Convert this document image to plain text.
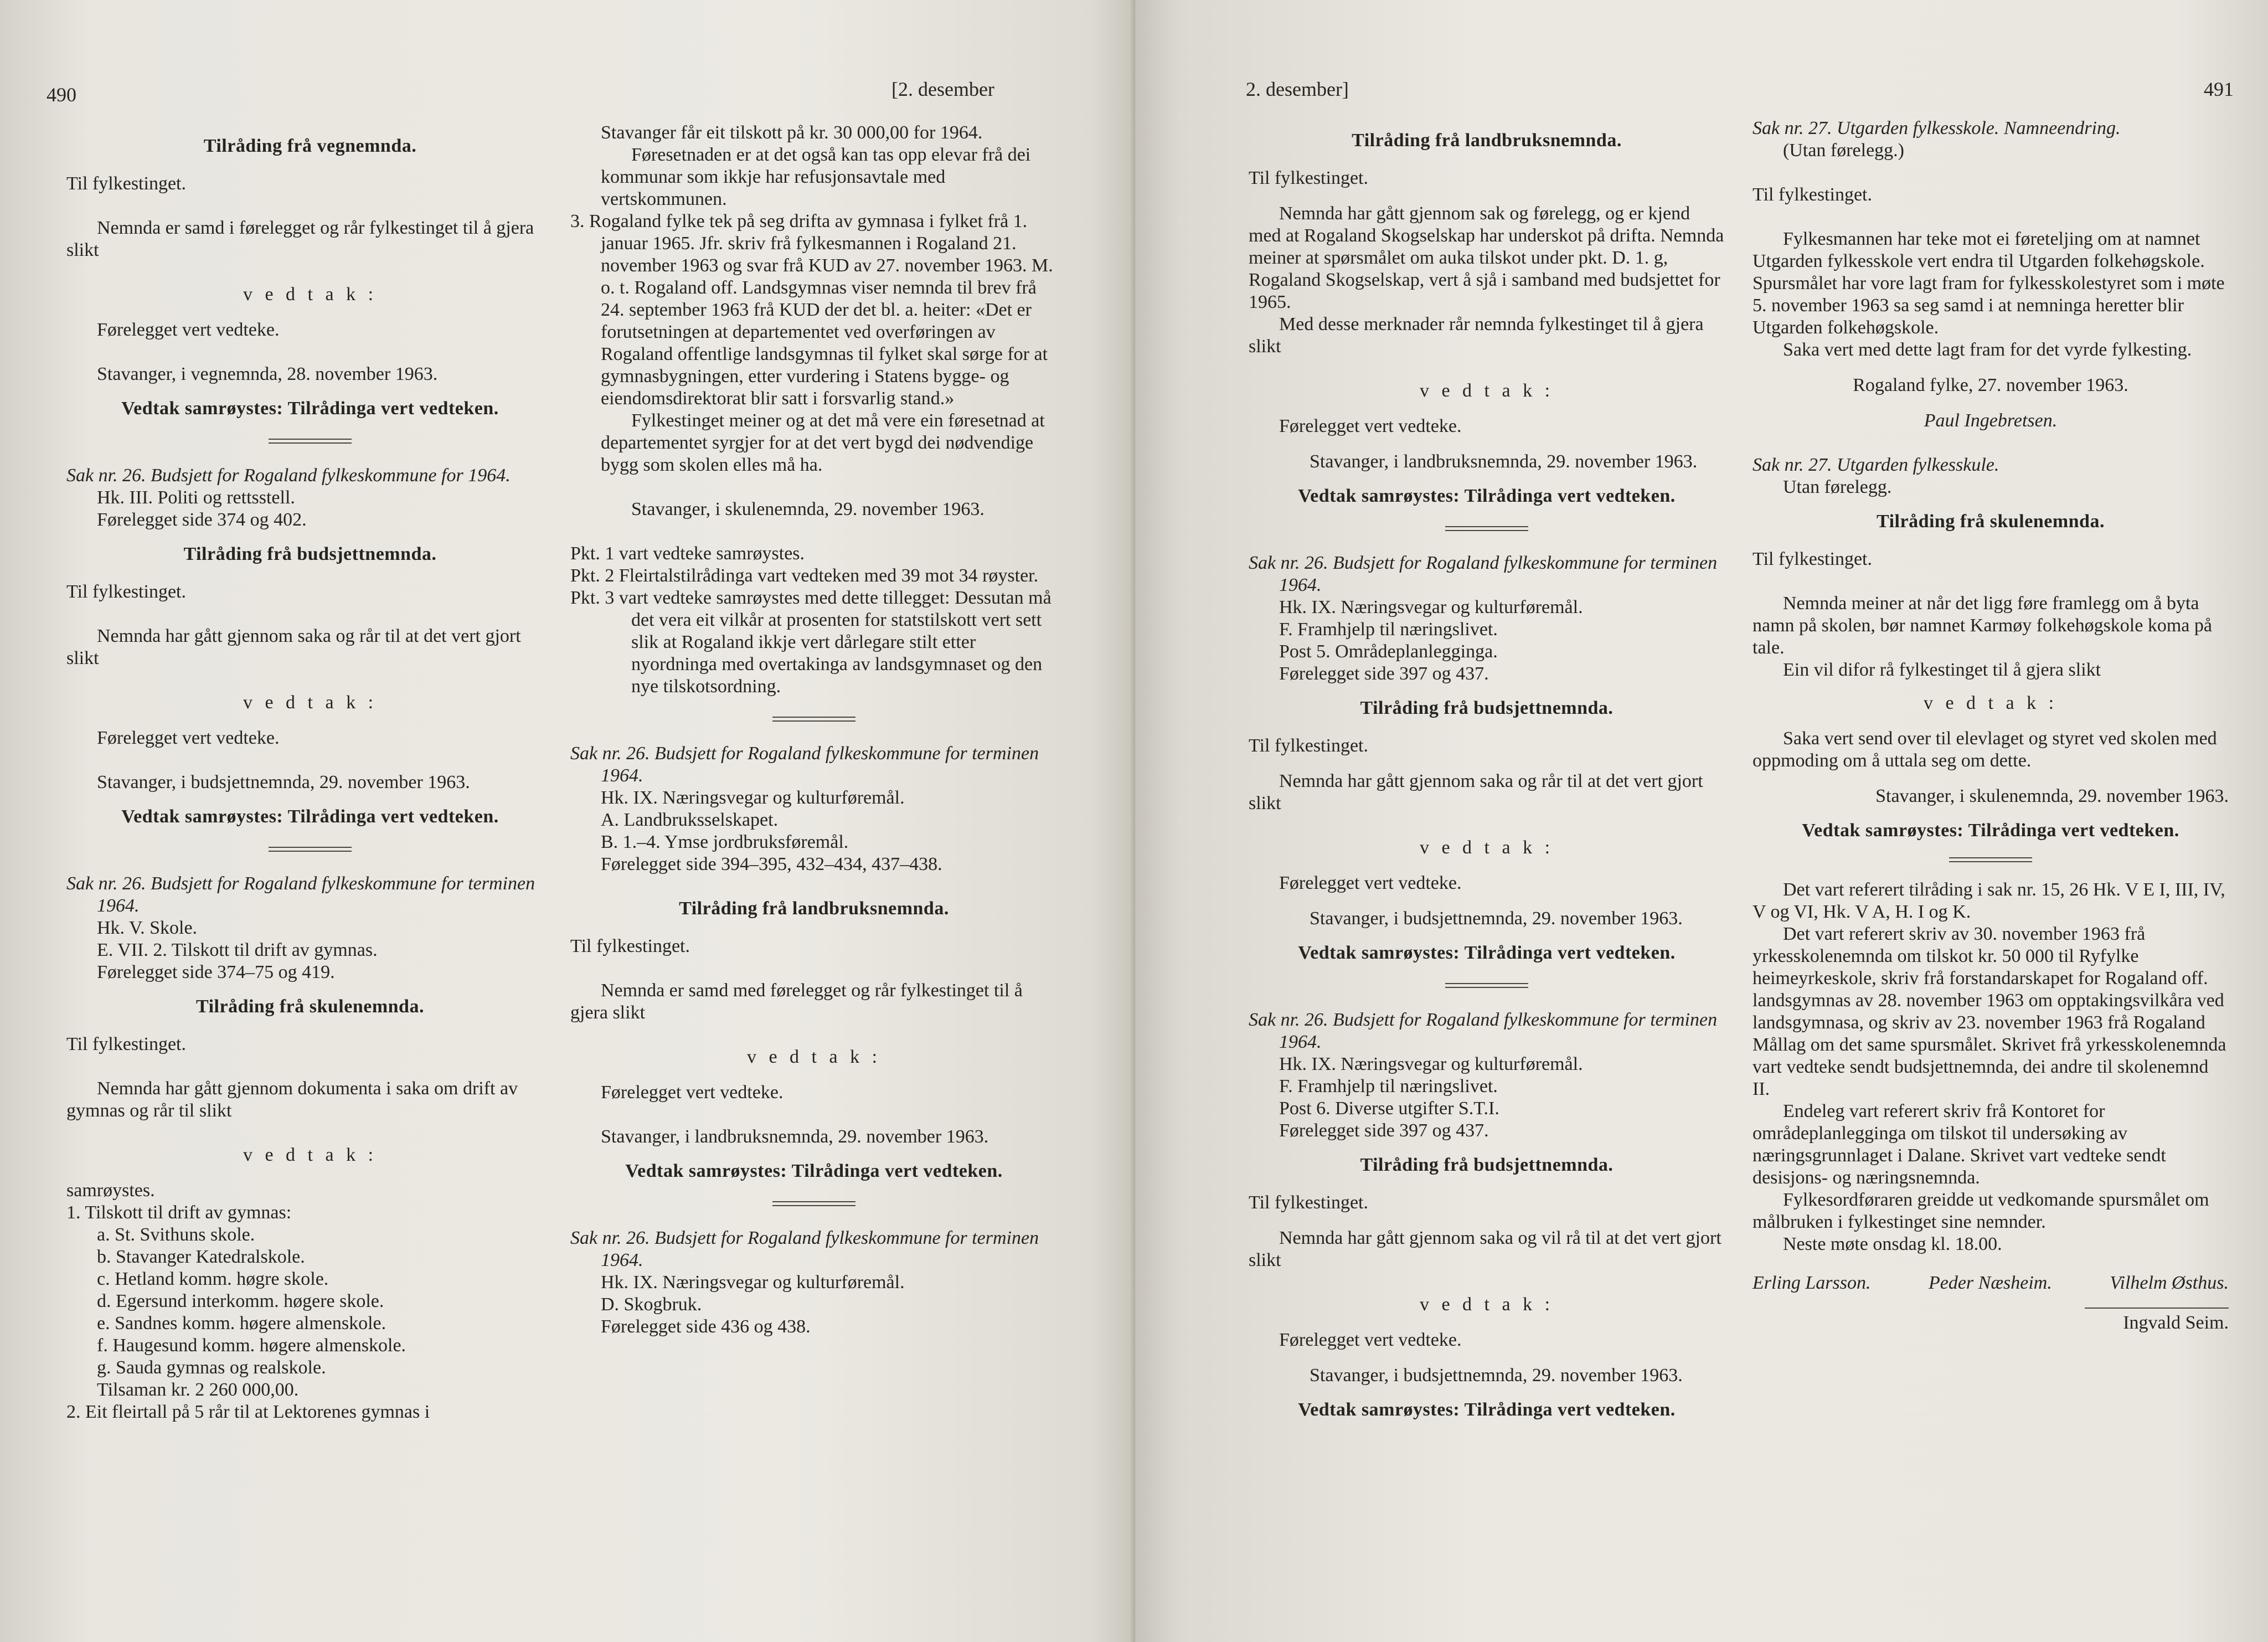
490	[2. desember

Tilråding frå vegnemnda.

Til fylkestinget.

Nemnda er samd i føreleggеt og rår fylkestinget til å gjera slikt

v e d t a k :

Førelegget vert vedteke.

Stavanger, i vegnemnda, 28. november 1963.

Vedtak samrøystes: Tilrådinga vert vedteken.

Sak nr. 26. Budsjett for Rogaland fylkeskommune for 1964.

Hk. III. Politi og rettsstell.

Førelegget side 374 og 402.

Tilråding frå budsjettnemnda.

Til fylkestinget.

Nemnda har gått gjennom saka og rår til at det vert gjort slikt

v e d t a k :

Førelegget vert vedteke.

Stavanger, i budsjettnemnda, 29. november 1963.

Vedtak samrøystes: Tilrådinga vert vedteken.

Sak nr. 26. Budsjett for Rogaland fylkeskommune for terminen 1964.

Hk. V. Skole.

E. VII. 2. Tilskott til drift av gymnas.

Førelegget side 374–75 og 419.

Tilråding frå skulenemnda.

Til fylkestinget.

Nemnda har gått gjennom dokumenta i saka om drift av gymnas og rår til slikt

v e d t a k :

samrøystes.

1. Tilskott til drift av gymnas:

a. St. Svithuns skole.
b. Stavanger Katedralskole.
c. Hetland komm. høgre skole.
d. Egersund interkomm. høgere skole.
e. Sandnes komm. høgere almenskole.
f. Haugesund komm. høgere almenskole.
g. Sauda gymnas og realskole.

Tilsaman kr. 2 260 000,00.

2. Eit fleirtall på 5 rår til at Lektorenes gymnas i

Stavanger får eit tilskott på kr. 30 000,00 for 1964.

Føresetnaden er at det også kan tas opp elevar frå dei kommunar som ikkje har refusjonsavtale med vertskommunen.

3. Rogaland fylke tek på seg drifta av gymnasa i fylket frå 1. januar 1965. Jfr. skriv frå fylkesmannen i Rogaland 21. november 1963 og svar frå KUD av 27. november 1963. M. o. t. Rogaland off. Landsgymnas viser nemnda til brev frå 24. september 1963 frå KUD der det bl. a. heiter: «Det er forutsetningen at departementet ved overføringen av Rogaland offentlige landsgymnas til fylket skal sørge for at gymnasbygningen, etter vurdering i Statens bygge- og eiendomsdirektorat blir satt i forsvarlig stand.»

Fylkestinget meiner og at det må vere ein føresetnad at departementet syrgjer for at det vert bygd dei nødvendige bygg som skolen elles må ha.

Stavanger, i skulenemnda, 29. november 1963.

Pkt. 1 vart vedteke samrøystes.

Pkt. 2 Fleirtalstilrådinga vart vedteken med 39 mot 34 røyster.

Pkt. 3 vart vedteke samrøystes med dette tillegget: Dessutan må det vera eit vilkår at prosenten for statstilskott vert sett slik at Rogaland ikkje vert dårlegare stilt etter nyordninga med overtakinga av landsgymnaset og den nye tilskotsordning.

Sak nr. 26. Budsjett for Rogaland fylkeskommune for terminen 1964.

Hk. IX. Næringsvegar og kulturføremål.

A. Landbruksselskapet.

B. 1.–4. Ymse jordbruksføremål.

Førelegget side 394–395, 432–434, 437–438.

Tilråding frå landbruksnemnda.

Til fylkestinget.

Nemnda er samd med førelegget og rår fylkestinget til å gjera slikt

v e d t a k :

Førelegget vert vedteke.

Stavanger, i landbruksnemnda, 29. november 1963.

Vedtak samrøystes: Tilrådinga vert vedteken.

Sak nr. 26. Budsjett for Rogaland fylkeskommune for terminen 1964.

Hk. IX. Næringsvegar og kulturføremål.

D. Skogbruk.

Førelegget side 436 og 438.

2. desember]	491

Tilråding frå landbruksnemnda.

Til fylkestinget.

Nemnda har gått gjennom sak og førelegg, og er kjend med at Rogaland Skogselskap har underskot på drifta. Nemnda meiner at spørsmålet om auka tilskot under pkt. D. 1. g, Rogaland Skogselskap, vert å sjå i samband med budsjettet for 1965.

Med desse merknader rår nemnda fylkestinget til å gjera slikt

v e d t a k :

Førelegget vert vedteke.

Stavanger, i landbruksnemnda, 29. november 1963.

Vedtak samrøystes: Tilrådinga vert vedteken.

Sak nr. 26. Budsjett for Rogaland fylkeskommune for terminen 1964.

Hk. IX. Næringsvegar og kulturføremål.

F. Framhjelp til næringslivet.

Post 5. Områdeplanlegginga.

Førelegget side 397 og 437.

Tilråding frå budsjettnemnda.

Til fylkestinget.

Nemnda har gått gjennom saka og rår til at det vert gjort slikt

v e d t a k :

Førelegget vert vedteke.

Stavanger, i budsjettnemnda, 29. november 1963.

Vedtak samrøystes: Tilrådinga vert vedteken.

Sak nr. 26. Budsjett for Rogaland fylkeskommune for terminen 1964.

Hk. IX. Næringsvegar og kulturføremål.

F. Framhjelp til næringslivet.

Post 6. Diverse utgifter S.T.I.

Førelegget side 397 og 437.

Tilråding frå budsjettnemnda.

Til fylkestinget.

Nemnda har gått gjennom saka og vil rå til at det vert gjort slikt

v e d t a k :

Førelegget vert vedteke.

Stavanger, i budsjettnemnda, 29. november 1963.

Vedtak samrøystes: Tilrådinga vert vedteken.

Sak nr. 27. Utgarden fylkesskole. Namneendring.

(Utan førelegg.)

Til fylkestinget.

Fylkesmannen har teke mot ei føretelјing om at namnet Utgarden fylkesskole vert endra til Utgarden folkehøgskole. Spursmålet har vore lagt fram for fylkesskolestyret som i møte 5. november 1963 sa seg samd i at nemninga heretter blir Utgarden folkehøgskole.

Saka vert med dette lagt fram for det vyrde fylkesting.

Rogaland fylke, 27. november 1963.

Paul Ingebretsen.

Sak nr. 27. Utgarden fylkesskule.

Utan førelegg.

Tilråding frå skulenemnda.

Til fylkestinget.

Nemnda meiner at når det ligg føre framlegg om å byta namn på skolen, bør namnet Karmøy folkehøgskole koma på tale.

Ein vil difor rå fylkestinget til å gjera slikt

v e d t a k :

Saka vert send over til elevlaget og styret ved skolen med oppmoding om å uttala seg om dette.

Stavanger, i skulenemnda, 29. november 1963.

Vedtak samrøystes: Tilrådinga vert vedteken.

Det vart referert tilråding i sak nr. 15, 26 Hk. V E I, III, IV, V og VI, Hk. V A, H. I og K.

Det vart referert skriv av 30. november 1963 frå yrkesskolenemnda om tilskot kr. 50 000 til Ryfylke heimeyrkeskole, skriv frå forstandarskapet for Rogaland off. landsgymnas av 28. november 1963 om opptakingsvilkåra ved landsgymnasa, og skriv av 23. november 1963 frå Rogaland Mållag om det same spursmålet. Skrivet frå yrkesskolenemnda vart vedteke sendt budsjettnemnda, dei andre til skolenemnd II.

Endeleg vart referert skriv frå Kontoret for områdeplanlegginga om tilskot til undersøking av næringsgrunnlaget i Dalane. Skrivet vart vedteke sendt desisjons- og næringsnemnda.

Fylkesordføraren greidde ut vedkomande spursmålet om målbruken i fylkestinget sine nemnder.

Neste møte onsdag kl. 18.00.

Erling Larsson.	Peder Næsheim.	Vilhelm Østhus.

Ingvald Seim.
